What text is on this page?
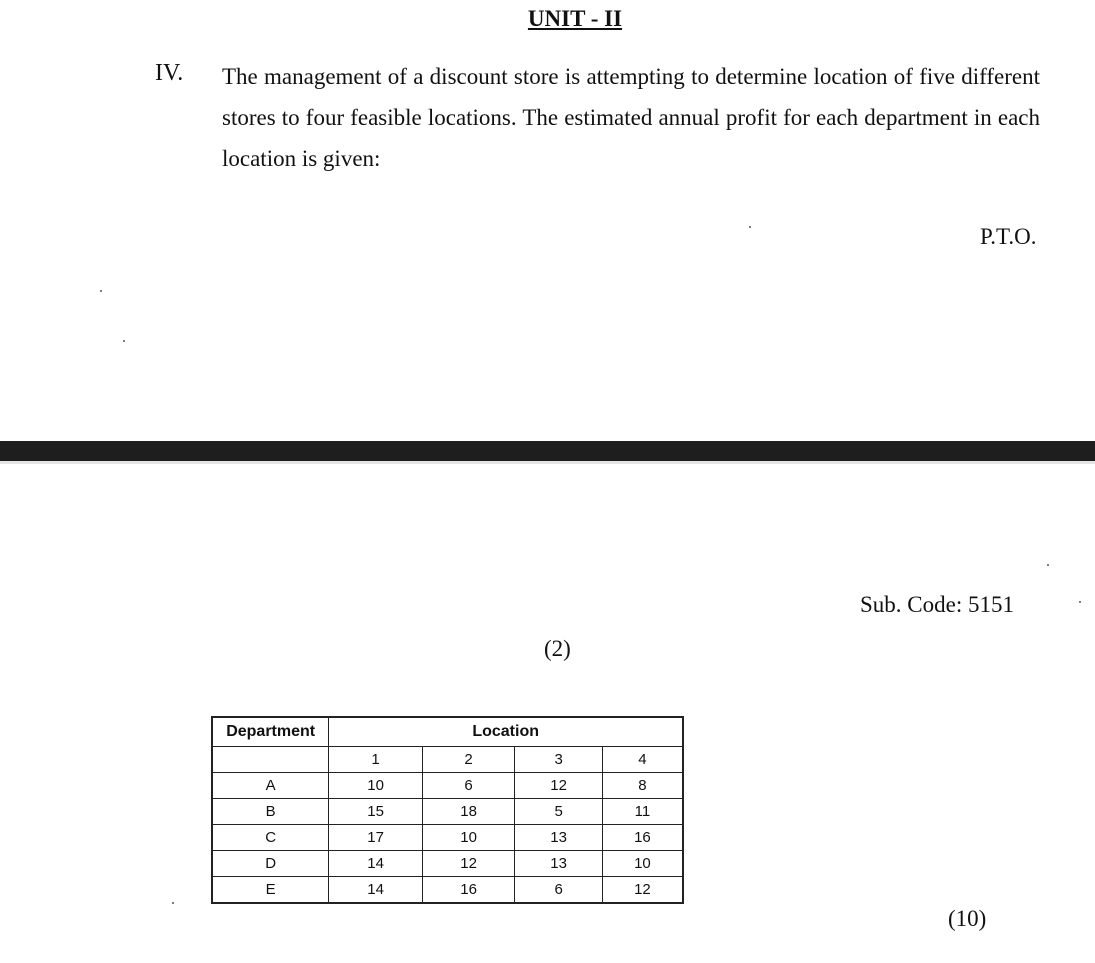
UNIT - II
IV. The management of a discount store is attempting to determine location of five different stores to four feasible locations. The estimated annual profit for each department in each location is given:
P.T.O.
Sub. Code: 5151
(2)
Department	Location			
	1	2	3	4
A	10	6	12	8
B	15	18	5	11
C	17	10	13	16
D	14	12	13	10
E	14	16	6	12
(10)
